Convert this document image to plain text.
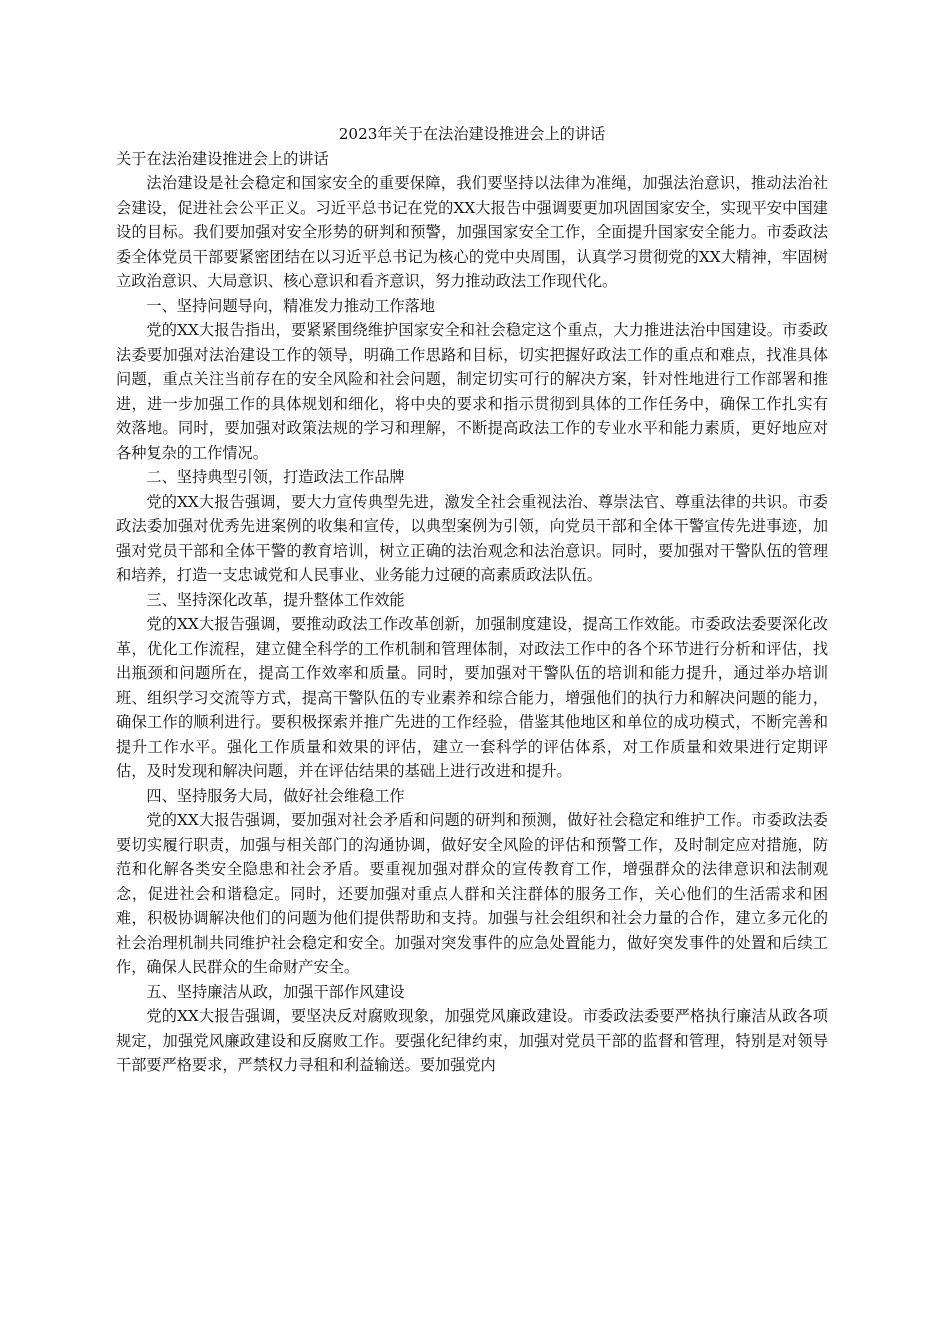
2023年关于在法治建设推进会上的讲话

关于在法治建设推进会上的讲话

法治建设是社会稳定和国家安全的重要保障，我们要坚持以法律为准绳，加强法治意识，推动法治社会建设，促进社会公平正义。习近平总书记在党的XX大报告中强调要更加巩固国家安全，实现平安中国建设的目标。我们要加强对安全形势的研判和预警，加强国家安全工作，全面提升国家安全能力。市委政法委全体党员干部要紧密团结在以习近平总书记为核心的党中央周围，认真学习贯彻党的XX大精神，牢固树立政治意识、大局意识、核心意识和看齐意识，努力推动政法工作现代化。

一、坚持问题导向，精准发力推动工作落地

党的XX大报告指出，要紧紧围绕维护国家安全和社会稳定这个重点，大力推进法治中国建设。市委政法委要加强对法治建设工作的领导，明确工作思路和目标，切实把握好政法工作的重点和难点，找准具体问题，重点关注当前存在的安全风险和社会问题，制定切实可行的解决方案，针对性地进行工作部署和推进，进一步加强工作的具体规划和细化，将中央的要求和指示贯彻到具体的工作任务中，确保工作扎实有效落地。同时，要加强对政策法规的学习和理解，不断提高政法工作的专业水平和能力素质，更好地应对各种复杂的工作情况。

二、坚持典型引领，打造政法工作品牌

党的XX大报告强调，要大力宣传典型先进，激发全社会重视法治、尊崇法官、尊重法律的共识。市委政法委加强对优秀先进案例的收集和宣传，以典型案例为引领，向党员干部和全体干警宣传先进事迹，加强对党员干部和全体干警的教育培训，树立正确的法治观念和法治意识。同时，要加强对干警队伍的管理和培养，打造一支忠诚党和人民事业、业务能力过硬的高素质政法队伍。

三、坚持深化改革，提升整体工作效能

党的XX大报告强调，要推动政法工作改革创新，加强制度建设，提高工作效能。市委政法委要深化改革，优化工作流程，建立健全科学的工作机制和管理体制，对政法工作中的各个环节进行分析和评估，找出瓶颈和问题所在，提高工作效率和质量。同时，要加强对干警队伍的培训和能力提升，通过举办培训班、组织学习交流等方式，提高干警队伍的专业素养和综合能力，增强他们的执行力和解决问题的能力，确保工作的顺利进行。要积极探索并推广先进的工作经验，借鉴其他地区和单位的成功模式，不断完善和提升工作水平。强化工作质量和效果的评估，建立一套科学的评估体系，对工作质量和效果进行定期评估，及时发现和解决问题，并在评估结果的基础上进行改进和提升。

四、坚持服务大局，做好社会维稳工作

党的XX大报告强调，要加强对社会矛盾和问题的研判和预测，做好社会稳定和维护工作。市委政法委要切实履行职责，加强与相关部门的沟通协调，做好安全风险的评估和预警工作，及时制定应对措施，防范和化解各类安全隐患和社会矛盾。要重视加强对群众的宣传教育工作，增强群众的法律意识和法制观念，促进社会和谐稳定。同时，还要加强对重点人群和关注群体的服务工作，关心他们的生活需求和困难，积极协调解决他们的问题为他们提供帮助和支持。加强与社会组织和社会力量的合作，建立多元化的社会治理机制共同维护社会稳定和安全。加强对突发事件的应急处置能力，做好突发事件的处置和后续工作，确保人民群众的生命财产安全。

五、坚持廉洁从政，加强干部作风建设

党的XX大报告强调，要坚决反对腐败现象，加强党风廉政建设。市委政法委要严格执行廉洁从政各项规定，加强党风廉政建设和反腐败工作。要强化纪律约束，加强对党员干部的监督和管理，特别是对领导干部要严格要求，严禁权力寻租和利益输送。要加强党内
